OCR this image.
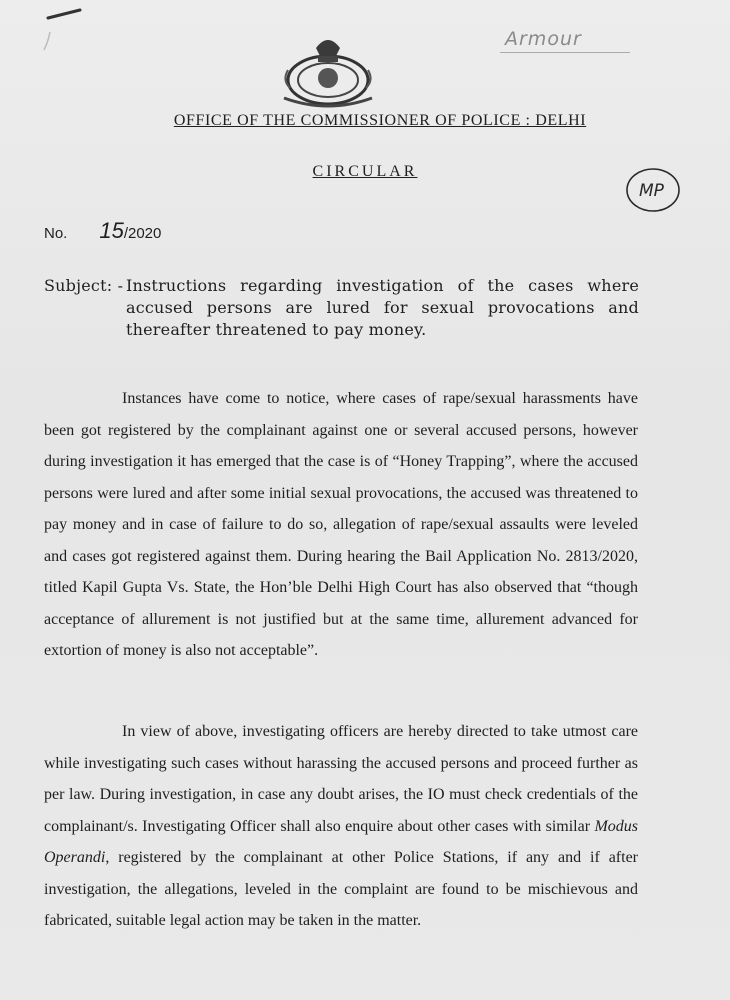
Armour
OFFICE OF THE COMMISSIONER OF POLICE : DELHI
CIRCULAR
MP
No. 15/2020
Subject: - Instructions regarding investigation of the cases where accused persons are lured for sexual provocations and thereafter threatened to pay money.
Instances have come to notice, where cases of rape/sexual harassments have been got registered by the complainant against one or several accused persons, however during investigation it has emerged that the case is of “Honey Trapping”, where the accused persons were lured and after some initial sexual provocations, the accused was threatened to pay money and in case of failure to do so, allegation of rape/sexual assaults were leveled and cases got registered against them. During hearing the Bail Application No. 2813/2020, titled Kapil Gupta Vs. State, the Hon’ble Delhi High Court has also observed that “though acceptance of allurement is not justified but at the same time, allurement advanced for extortion of money is also not acceptable”.
In view of above, investigating officers are hereby directed to take utmost care while investigating such cases without harassing the accused persons and proceed further as per law. During investigation, in case any doubt arises, the IO must check credentials of the complainant/s. Investigating Officer shall also enquire about other cases with similar Modus Operandi, registered by the complainant at other Police Stations, if any and if after investigation, the allegations, leveled in the complaint are found to be mischievous and fabricated, suitable legal action may be taken in the matter.
